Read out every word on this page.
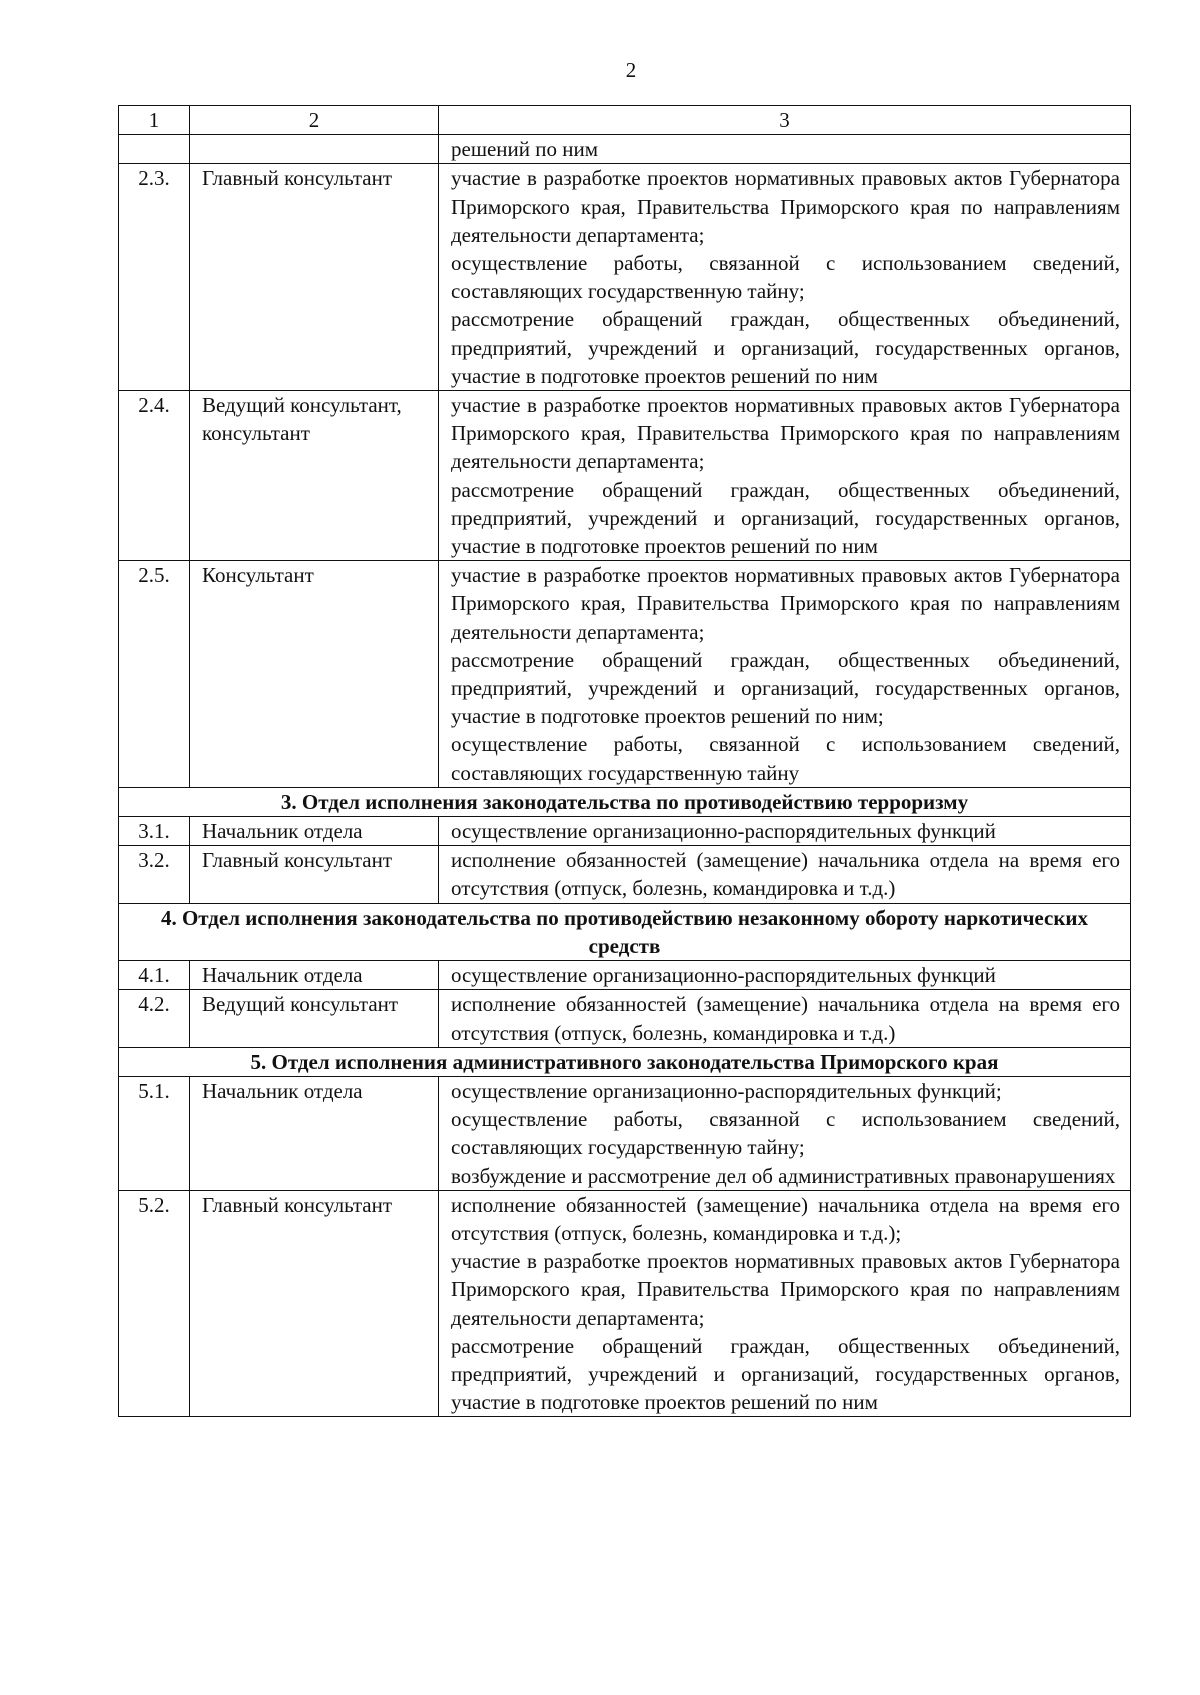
2
1	2	3
		решений по ним
2.3.	Главный консультант	участие в разработке проектов нормативных правовых актов Губернатора Приморского края, Правительства Приморского края по направлениям деятельности департамента;
осуществление работы, связанной с использованием сведений, составляющих государственную тайну;
рассмотрение обращений граждан, общественных объединений, предприятий, учреждений и организаций, государственных органов, участие в подготовке проектов решений по ним

2.4.	Ведущий консультант, консультант	участие в разработке проектов нормативных правовых актов Губернатора Приморского края, Правительства Приморского края по направлениям деятельности департамента;
рассмотрение обращений граждан, общественных объединений, предприятий, учреждений и организаций, государственных органов, участие в подготовке проектов решений по ним

2.5.	Консультант	участие в разработке проектов нормативных правовых актов Губернатора Приморского края, Правительства Приморского края по направлениям деятельности департамента;
рассмотрение обращений граждан, общественных объединений, предприятий, учреждений и организаций, государственных органов, участие в подготовке проектов решений по ним;
осуществление работы, связанной с использованием сведений, составляющих государственную тайну

3. Отдел исполнения законодательства по противодействию терроризму		
3.1.	Начальник отдела	осуществление организационно-распорядительных функций

3.2.	Главный консультант	исполнение обязанностей (замещение) начальника отдела на время его отсутствия (отпуск, болезнь, командировка и т.д.)

4. Отдел исполнения законодательства по противодействию незаконному обороту наркотических средств		
4.1.	Начальник отдела	осуществление организационно-распорядительных функций

4.2.	Ведущий консультант	исполнение обязанностей (замещение) начальника отдела на время его отсутствия (отпуск, болезнь, командировка и т.д.)

5. Отдел исполнения административного законодательства Приморского края		
5.1.	Начальник отдела	осуществление организационно-распорядительных функций;
осуществление работы, связанной с использованием сведений, составляющих государственную тайну;
возбуждение и рассмотрение дел об административных правонарушениях

5.2.	Главный консультант	исполнение обязанностей (замещение) начальника отдела на время его отсутствия (отпуск, болезнь, командировка и т.д.);
участие в разработке проектов нормативных правовых актов Губернатора Приморского края, Правительства Приморского края по направлениям деятельности департамента;
рассмотрение обращений граждан, общественных объединений, предприятий, учреждений и организаций, государственных органов, участие в подготовке проектов решений по ним
